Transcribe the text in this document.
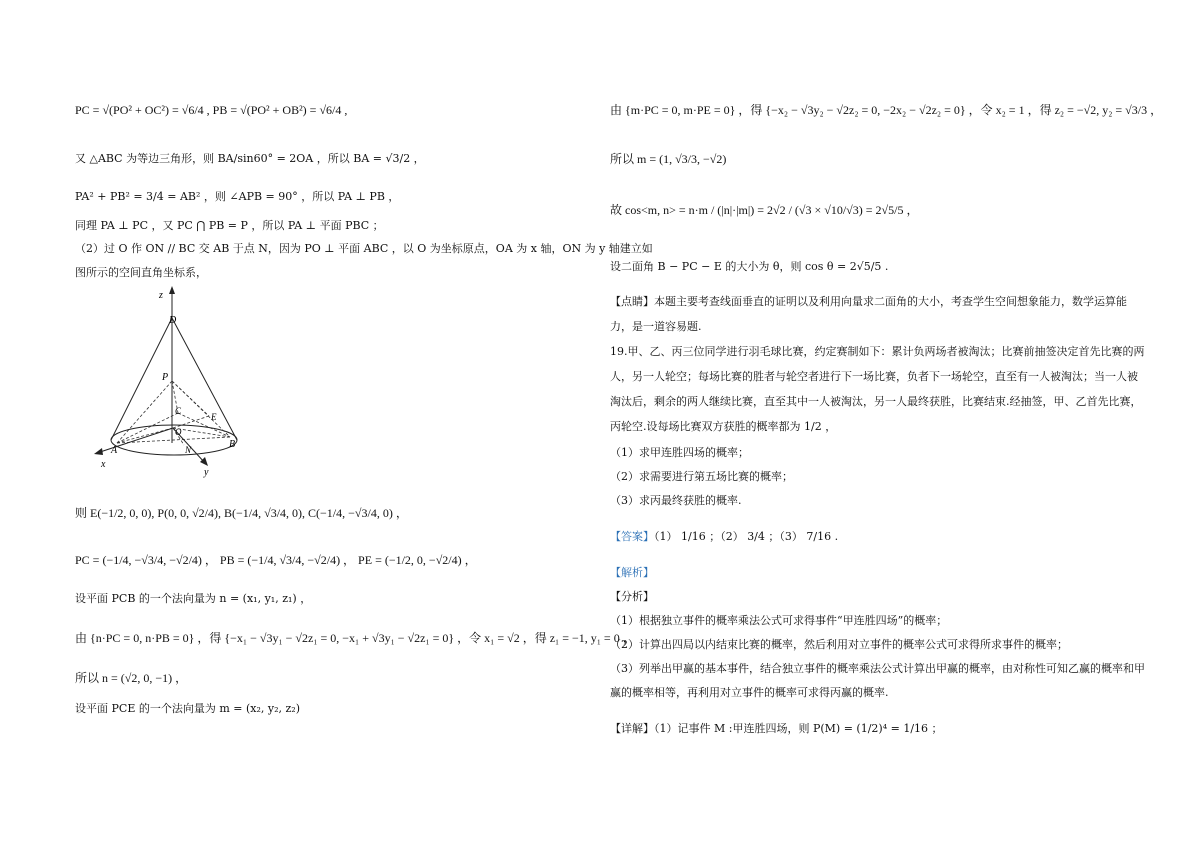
PC = √(PO² + OC²) = √6/4 , PB = √(PO² + OB²) = √6/4 ,
又 △ABC 为等边三角形，则 BA/sin60° = 2OA ，所以 BA = √3/2 ，
PA² + PB² = 3/4 = AB² ，则 ∠APB = 90° ，所以 PA ⊥ PB ，
同理 PA ⊥ PC ，又 PC ⋂ PB = P ，所以 PA ⊥ 平面 PBC ；
（2）过 O 作 ON // BC 交 AB 于点 N，因为 PO ⊥ 平面 ABC ，以 O 为坐标原点，OA 为 x 轴，ON 为 y 轴建立如
图所示的空间直角坐标系，
z
D
P
C
E
O
A	N	B
x
y
则 E(−1/2, 0, 0), P(0, 0, √2/4), B(−1/4, √3/4, 0), C(−1/4, −√3/4, 0) ，
PC = (−1/4, −√3/4, −√2/4) ， PB = (−1/4, √3/4, −√2/4) ， PE = (−1/2, 0, −√2/4) ，
设平面 PCB 的一个法向量为 n = (x₁, y₁, z₁) ，
由 {n·PC = 0, n·PB = 0} ，得 {−x₁ − √3y₁ − √2z₁ = 0, −x₁ + √3y₁ − √2z₁ = 0} ，令 x₁ = √2 ，得 z₁ = −1, y₁ = 0 ，
所以 n = (√2, 0, −1) ，
设平面 PCE 的一个法向量为 m = (x₂, y₂, z₂)
由 {m·PC = 0, m·PE = 0} ，得 {−x₂ − √3y₂ − √2z₂ = 0, −2x₂ − √2z₂ = 0} ，令 x₂ = 1 ，得 z₂ = −√2, y₂ = √3/3 ，
所以 m = (1, √3/3, −√2)
故 cos<m, n> = n·m / (|n|·|m|) = 2√2 / (√3 × √10/√3) = 2√5/5 ，
设二面角 B − PC − E 的大小为 θ，则 cos θ = 2√5/5 .
【点睛】本题主要考查线面垂直的证明以及利用向量求二面角的大小，考查学生空间想象能力，数学运算能
力，是一道容易题.
19.甲、乙、丙三位同学进行羽毛球比赛，约定赛制如下：累计负两场者被淘汰；比赛前抽签决定首先比赛的两
人，另一人轮空；每场比赛的胜者与轮空者进行下一场比赛，负者下一场轮空，直至有一人被淘汰；当一人被
淘汰后，剩余的两人继续比赛，直至其中一人被淘汰，另一人最终获胜，比赛结束.经抽签，甲、乙首先比赛，
丙轮空.设每场比赛双方获胜的概率都为 1/2 ，
（1）求甲连胜四场的概率；
（2）求需要进行第五场比赛的概率；
（3）求丙最终获胜的概率.
【答案】（1） 1/16 ；（2） 3/4 ；（3） 7/16 .
【解析】
【分析】
（1）根据独立事件的概率乘法公式可求得事件“甲连胜四场”的概率；
（2）计算出四局以内结束比赛的概率，然后利用对立事件的概率公式可求得所求事件的概率；
（3）列举出甲赢的基本事件，结合独立事件的概率乘法公式计算出甲赢的概率，由对称性可知乙赢的概率和甲
赢的概率相等，再利用对立事件的概率可求得丙赢的概率.
【详解】（1）记事件 M :甲连胜四场，则 P(M) = (1/2)⁴ = 1/16 ；
